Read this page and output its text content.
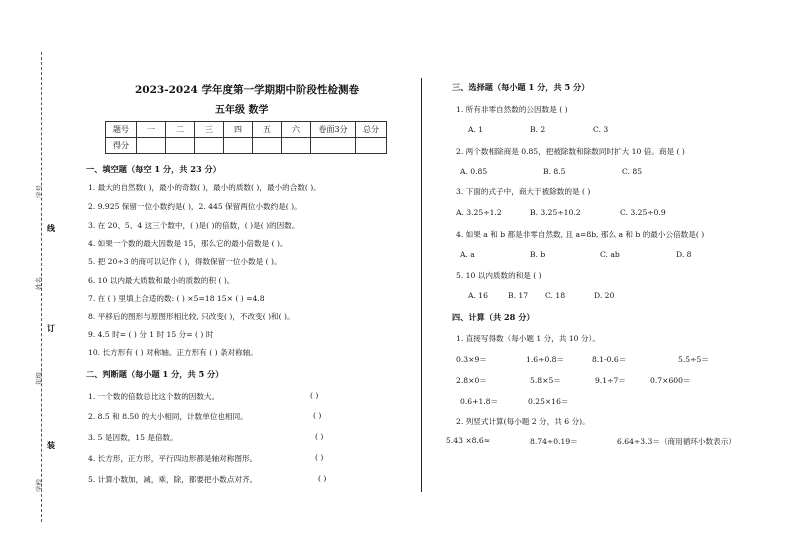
学号
线
姓名
订
年级
装
学校
2023-2024 学年度第一学期期中阶段性检测卷
五年级 数学
题号	一	二	三	四	五	六	卷面3分	总分
得分								
一、填空题（每空 1 分，共 23 分）
1. 最大的自然数( )，最小的奇数( )，最小的质数( )，最小的合数( )。
2. 9.925 保留一位小数约是( )，2. 445 保留两位小数约是( )。
3. 在 20、5、4 这三个数中，( )是( )的倍数，( )是( )的因数。
4. 如果一个数的最大因数是 15，那么它的最小倍数是 ( )。
5. 把 20÷3 的商可以记作 ( )，得数保留一位小数是 ( )。
6. 10 以内最大质数和最小的质数的积 ( )。
7. 在 ( ) 里填上合适的数: ( ) ×5=18 15× ( ) =4.8
8. 平移后的图形与原图形相比较, 只改变( )，不改变( )和( )。
9. 4.5 时= ( ) 分 1 时 15 分= ( ) 时
10. 长方形有 ( ) 对称轴。正方形有 ( ) 条对称轴。
二、判断题（每小题 1 分，共 5 分）
1. 一个数的倍数总比这个数的因数大。	( )
2. 8.5 和 8.50 的大小相同，计数单位也相同。	( )
3. 5 是因数，15 是倍数。	( )
4. 长方形，正方形，平行四边形都是轴对称图形。	( )
5. 计算小数加，减，乘，除，都要把小数点对齐。	( )
三、选择题（每小题 1 分，共 5 分）
1. 所有非零自然数的公因数是 ( )
A. 1	B. 2	C. 3
2. 两个数相除商是 0.85，把被除数和除数同时扩大 10 倍。商是 ( )
A. 0.85	B. 8.5	C. 85
3. 下面的式子中，商大于被除数的是 ( )
A. 3.25÷1.2	B. 3.25÷10.2	C. 3.25÷0.9
4. 如果 a 和 b 都是非零自然数, 且 a=8b, 那么 a 和 b 的最小公倍数是( )
A. a	B. b	C. ab	D. 8
5. 10 以内质数的和是 ( )
A. 16	B. 17 C. 18	D. 20
四、计算（共 28 分）
1. 直接写得数（每小题 1 分，共 10 分）。
0.3×9＝	1.6÷0.8＝	8.1-0.6＝	5.5÷5＝
2.8×0＝	5.8×5＝	9.1÷7＝	0.7×600＝
0.6+1.8＝	0.25×16＝
2. 列竖式计算(每小题 2 分，共 6 分)。
5.43 ×8.6≈	8.74÷0.19＝	6.64÷3.3＝（商用循环小数表示）
